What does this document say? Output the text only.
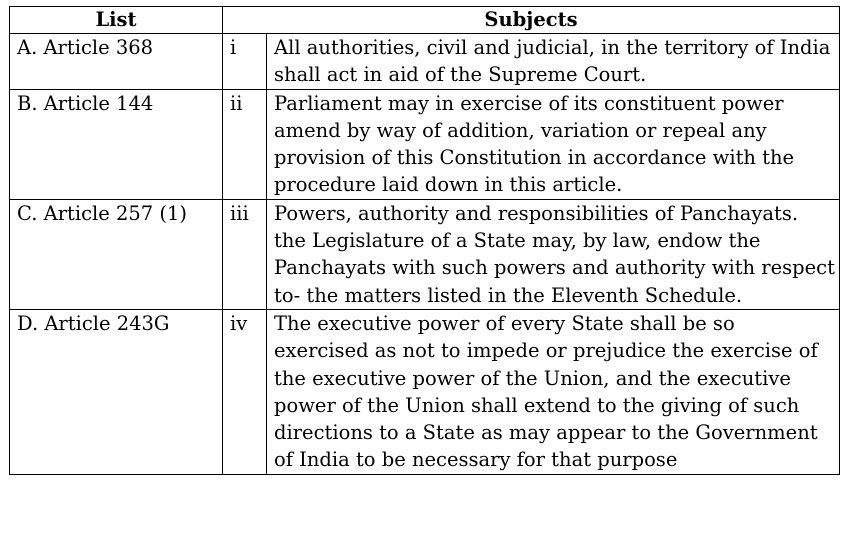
List	Subjects	
A. Article 368	i	All authorities, civil and judicial, in the territory of India shall act in aid of the Supreme Court.
B. Article 144	ii	Parliament may in exercise of its constituent power amend by way of addition, variation or repeal any provision of this Constitution in accordance with the procedure laid down in this article.
C. Article 257 (1)	iii	Powers, authority and responsibilities of Panchayats. the Legislature of a State may, by law, endow the Panchayats with such powers and authority with respect to- the matters listed in the Eleventh Schedule.
D. Article 243G	iv	The executive power of every State shall be so exercised as not to impede or prejudice the exercise of the executive power of the Union, and the executive power of the Union shall extend to the giving of such directions to a State as may appear to the Government of India to be necessary for that purpose
